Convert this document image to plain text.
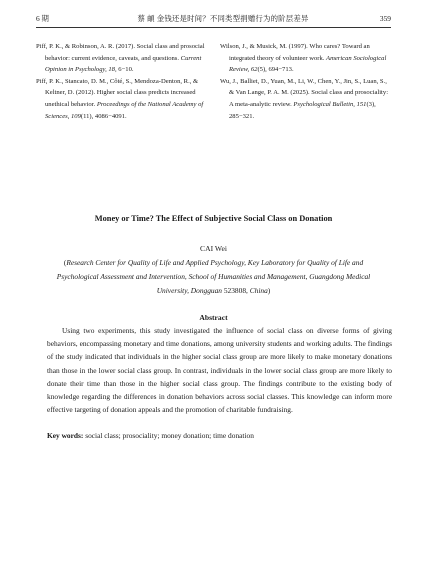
6 期	蔡 頔 金钱还是时间？不同类型捐赠行为的阶层差异	359

Piff, P. K., & Robinson, A. R. (2017). Social class and prosocial behavior: current evidence, caveats, and questions. Current Opinion in Psychology, 18, 6−10.

Piff, P. K., Stancato, D. M., Côté, S., Mendoza-Denton, R., & Keltner, D. (2012). Higher social class predicts increased unethical behavior. Proceedings of the National Academy of Sciences, 109(11), 4086−4091.

Wilson, J., & Musick, M. (1997). Who cares? Toward an integrated theory of volunteer work. American Sociological Review, 62(5), 694−713.

Wu, J., Balliet, D., Yuan, M., Li, W., Chen, Y., Jin, S., Luan, S., & Van Lange, P. A. M. (2025). Social class and prosociality: A meta-analytic review. Psychological Bulletin, 151(3), 285−321.

Money or Time? The Effect of Subjective Social Class on Donation
CAI Wei
(Research Center for Quality of Life and Applied Psychology, Key Laboratory for Quality of Life and Psychological Assessment and Intervention, School of Humanities and Management, Guangdong Medical University, Dongguan 523808, China)
Abstract

Using two experiments, this study investigated the influence of social class on diverse forms of giving behaviors, encompassing monetary and time donations, among university students and working adults. The findings of the study indicated that individuals in the higher social class group are more likely to make monetary donations than those in the lower social class group. In contrast, individuals in the lower social class group are more likely to donate their time than those in the higher social class group. The findings contribute to the existing body of knowledge regarding the differences in donation behaviors across social classes. This knowledge can inform more effective targeting of donation appeals and the promotion of charitable fundraising.

Key words: social class; prosociality; money donation; time donation
